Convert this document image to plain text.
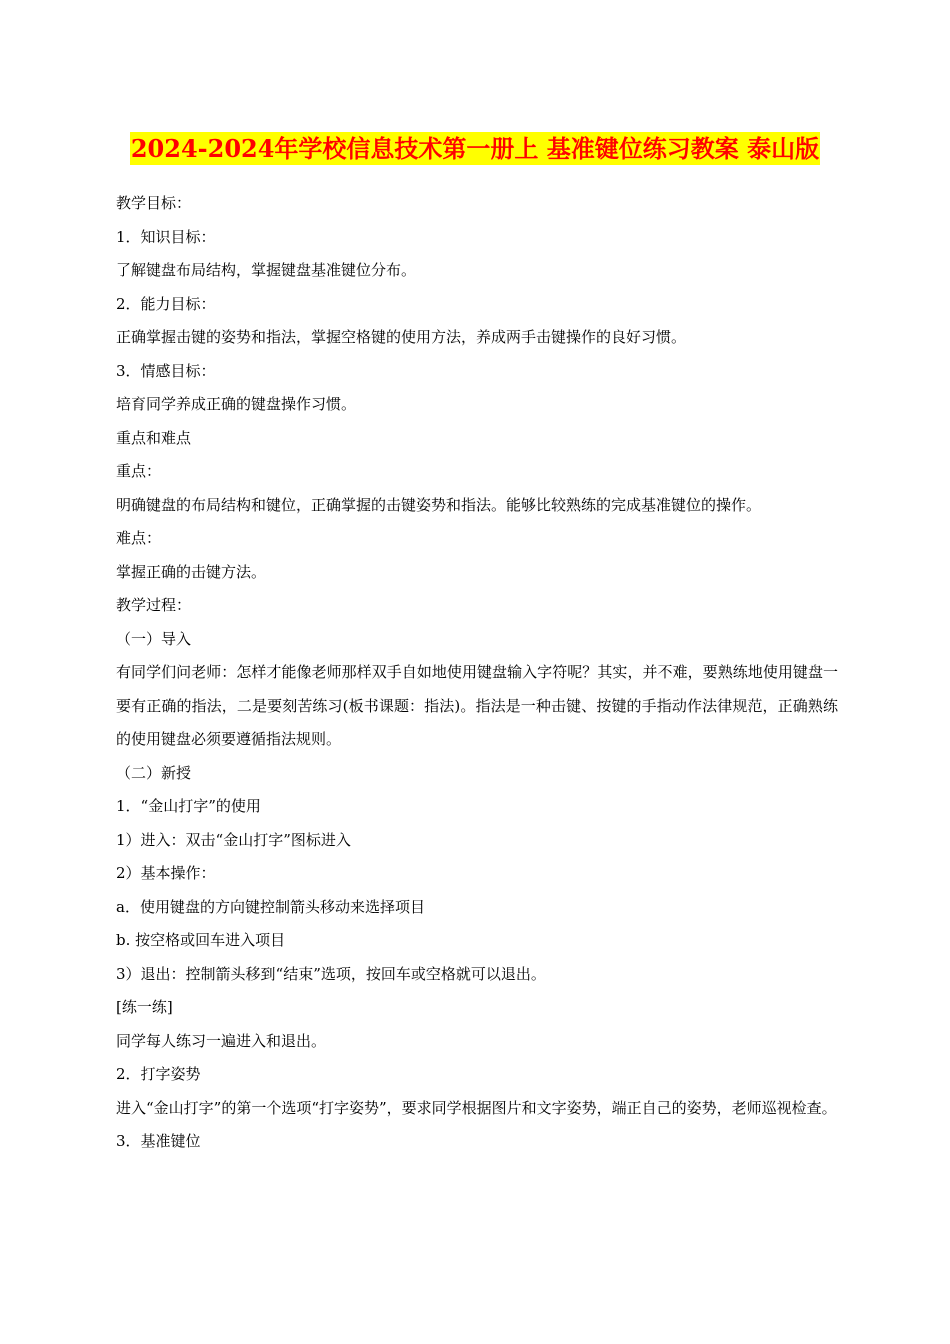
2024-2024年学校信息技术第一册上 基准键位练习教案 泰山版
教学目标：
1．知识目标：
了解键盘布局结构，掌握键盘基准键位分布。
2．能力目标：
正确掌握击键的姿势和指法，掌握空格键的使用方法，养成两手击键操作的良好习惯。
3．情感目标：
培育同学养成正确的键盘操作习惯。
重点和难点
重点：
明确键盘的布局结构和键位，正确掌握的击键姿势和指法。能够比较熟练的完成基准键位的操作。
难点：
掌握正确的击键方法。
教学过程：
（一）导入
有同学们问老师：怎样才能像老师那样双手自如地使用键盘输入字符呢？其实，并不难，要熟练地使用键盘一要有正确的指法，二是要刻苦练习(板书课题：指法)。指法是一种击键、按键的手指动作法律规范，正确熟练的使用键盘必须要遵循指法规则。
（二）新授
1．“金山打字”的使用
1）进入：双击“金山打字”图标进入
2）基本操作：
a．使用键盘的方向键控制箭头移动来选择项目
b. 按空格或回车进入项目
3）退出：控制箭头移到“结束”选项，按回车或空格就可以退出。
[练一练]
同学每人练习一遍进入和退出。
2．打字姿势
进入“金山打字”的第一个选项“打字姿势”，要求同学根据图片和文字姿势，端正自己的姿势，老师巡视检查。
3．基准键位
